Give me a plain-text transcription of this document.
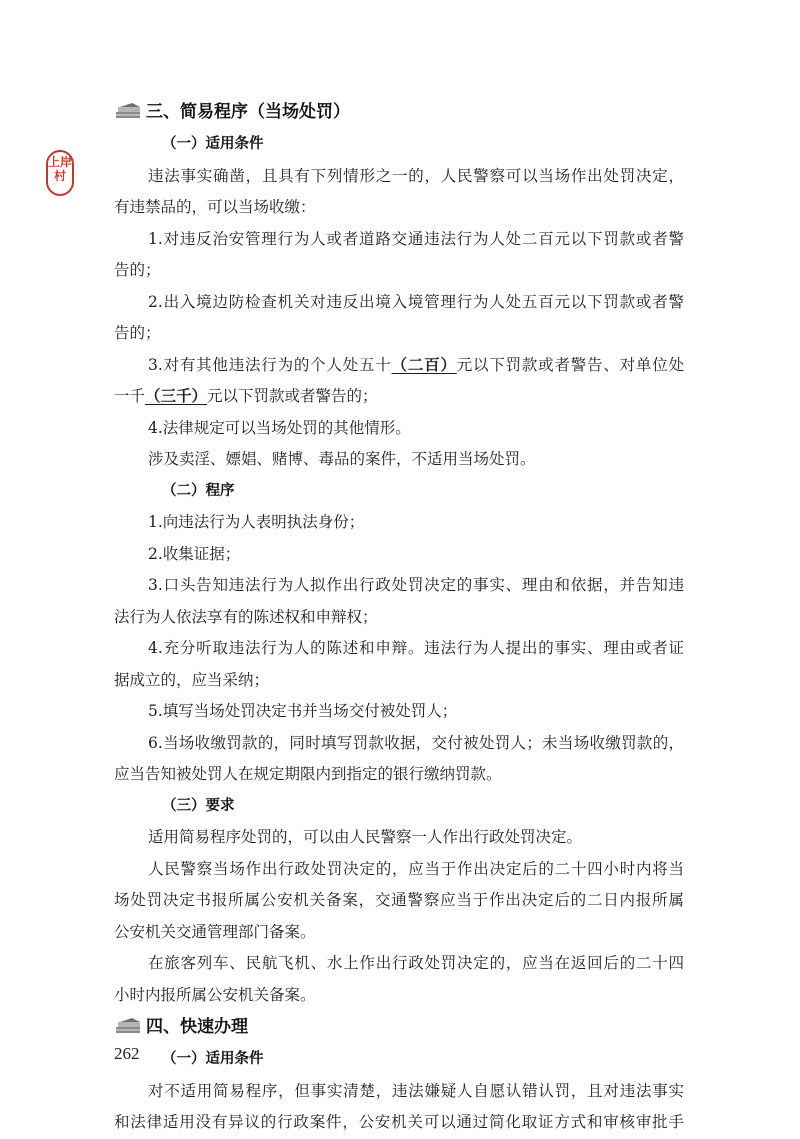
上岸村
三、简易程序（当场处罚）
（一）适用条件
违法事实确凿，且具有下列情形之一的，人民警察可以当场作出处罚决定，
有违禁品的，可以当场收缴：
1.对违反治安管理行为人或者道路交通违法行为人处二百元以下罚款或者警
告的；
2.出入境边防检查机关对违反出境入境管理行为人处五百元以下罚款或者警
告的；
3.对有其他违法行为的个人处五十（二百）元以下罚款或者警告、对单位处
一千（三千）元以下罚款或者警告的；
4.法律规定可以当场处罚的其他情形。
涉及卖淫、嫖娼、赌博、毒品的案件，不适用当场处罚。
（二）程序
1.向违法行为人表明执法身份；
2.收集证据；
3.口头告知违法行为人拟作出行政处罚决定的事实、理由和依据，并告知违
法行为人依法享有的陈述权和申辩权；
4.充分听取违法行为人的陈述和申辩。违法行为人提出的事实、理由或者证
据成立的，应当采纳；
5.填写当场处罚决定书并当场交付被处罚人；
6.当场收缴罚款的，同时填写罚款收据，交付被处罚人；未当场收缴罚款的，
应当告知被处罚人在规定期限内到指定的银行缴纳罚款。
（三）要求
适用简易程序处罚的，可以由人民警察一人作出行政处罚决定。
人民警察当场作出行政处罚决定的，应当于作出决定后的二十四小时内将当
场处罚决定书报所属公安机关备案，交通警察应当于作出决定后的二日内报所属
公安机关交通管理部门备案。
在旅客列车、民航飞机、水上作出行政处罚决定的，应当在返回后的二十四
小时内报所属公安机关备案。
四、快速办理
（一）适用条件
对不适用简易程序，但事实清楚，违法嫌疑人自愿认错认罚，且对违法事实
和法律适用没有异议的行政案件，公安机关可以通过简化取证方式和审核审批手
262
